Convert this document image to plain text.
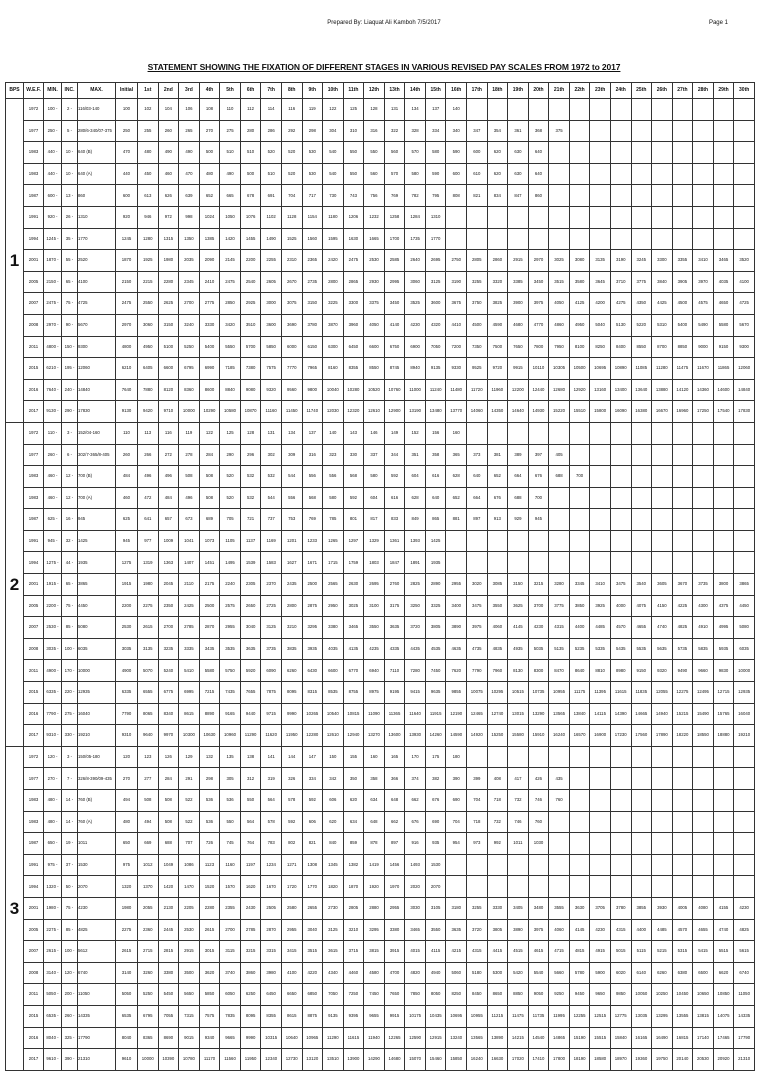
Prepared By: Liaquat Ali Kamboh 7/5/2017	Page 1
STATEMENT SHOWING THE FIXATION OF DIFFERENT STAGES IN VARIOUS REVISED PAY SCALES FROM 1972 to 2017
BPS	W.E.F.	MIN.	INC.	MAX.	Initial	1st	2nd	3rd	4th	5th	6th	7th	8th	9th	10th	11th	12th	13th	14th	15th	16th	17th	18th	19th	20th	21th	22th	23th	24th	25th	26th	27th	28th	29th	30th
1	1972	100 -	2 -	116/03-140	100	102	104	106	108	110	112	114	116	119	122	125	128	131	134	137	140														
	1977	250 -	5 -	280/6-340/07-375	250	255	260	265	270	275	280	286	292	298	304	310	316	322	328	334	340	347	354	361	368	375									
	1983	440 -	10 -	640 (B)	470	480	490	490	500	510	510	520	520	530	540	550	550	560	570	580	590	600	620	630	640										
	1983	440 -	10 -	640 (A)	440	450	460	470	480	490	500	510	520	530	540	550	560	570	580	590	600	610	620	630	640										
	1987	600 -	13 -	860	600	613	626	639	652	665	678	691	704	717	730	743	756	769	782	795	808	821	834	847	860										
	1991	920 -	26 -	1310	920	946	972	998	1024	1050	1076	1102	1128	1154	1180	1206	1232	1258	1284	1310															
	1994	1245 -	35 -	1770	1245	1280	1315	1350	1385	1420	1455	1490	1525	1560	1595	1630	1665	1700	1735	1770															
	2001	1870 -	55 -	2520	1870	1925	1980	2035	2090	2145	2200	2255	2310	2365	2420	2475	2530	2585	2640	2695	2750	2805	2860	2915	2970	3025	3080	3135	3190	3245	3300	3355	3410	3465	3520
	2005	2150 -	65 -	4100	2150	2215	2280	2345	2410	2475	2540	2605	2670	2735	2800	2865	2930	2995	3060	3125	3190	3255	3320	3385	3450	3515	3580	3645	3710	3775	3840	3905	3970	4035	4100
	2007	2475 -	75 -	4725	2475	2550	2625	2700	2775	2850	2925	3000	3075	3150	3225	3300	3375	3450	3525	3600	3675	3750	3825	3900	3975	4050	4125	4200	4275	4350	4425	4500	4575	4650	4725
	2008	2970 -	90 -	5670	2970	3060	3150	3240	3330	3420	3510	3600	3690	3780	3870	3960	4050	4140	4230	4320	4410	4500	4590	4680	4770	4860	4950	5040	5130	5220	5310	5400	5490	5580	5670
	2011	4800 -	150 -	9300	4800	4950	5100	5250	5400	5550	5700	5850	6000	6150	6300	6450	6600	6750	6900	7050	7200	7350	7500	7650	7800	7950	8100	8250	8400	8550	8700	8850	9000	9150	9300
	2015	6210 -	195 -	12060	6210	6405	6600	6795	6990	7185	7380	7575	7770	7965	8160	8355	8550	8745	8940	9135	9330	9525	9720	9915	10110	10305	10500	10695	10890	11085	11280	11475	11670	11865	12060
	2016	7640 -	240 -	14840	7640	7880	8120	8360	8600	8840	9080	9320	9560	9800	10040	10280	10520	10760	11000	11240	11480	11720	11960	12200	12440	12680	12920	13160	13400	13640	13880	14120	14360	14600	14840
	2017	9130 -	290 -	17830	9130	9420	9710	10000	10290	10580	10870	11160	11450	11740	12030	12320	12610	12900	13190	13480	13770	14060	14350	14640	14930	15220	15510	15800	16090	16380	16670	16960	17250	17540	17830
2	1972	110 -	3 -	152/04-160	110	113	116	119	122	125	128	131	134	137	140	143	146	149	152	156	160														
	1977	260 -	6 -	302/7-365/8-405	260	266	272	278	284	290	296	302	309	316	323	330	337	344	351	358	365	373	381	389	397	405									
	1983	460 -	12 -	700 (B)	484	496	496	508	508	520	532	532	544	556	556	568	580	592	604	616	628	640	652	664	676	688	700								
	1983	460 -	12 -	700 (A)	460	472	484	496	508	520	532	544	556	568	580	592	604	616	628	640	652	664	676	688	700										
	1987	625 -	16 -	945	625	641	657	673	689	705	721	737	753	769	785	801	817	833	849	865	881	897	913	929	945										
	1991	945 -	32 -	1425	945	977	1009	1041	1073	1105	1137	1169	1201	1233	1265	1297	1329	1361	1393	1425															
	1994	1275 -	44 -	1935	1275	1319	1363	1407	1451	1495	1539	1583	1627	1671	1715	1759	1803	1847	1891	1935															
	2001	1915 -	65 -	3865	1915	1980	2045	2110	2175	2240	2305	2370	2435	2500	2565	2630	2695	2760	2825	2890	2955	3020	3085	3150	3215	3280	3345	3410	3475	3540	3605	3670	3735	3800	3865
	2005	2200 -	75 -	4450	2200	2275	2350	2425	2500	2575	2650	2725	2800	2875	2950	3025	3100	3175	3250	3325	3400	3475	3550	3625	3700	3775	3850	3925	4000	4075	4150	4225	4300	4375	4450
	2007	2530 -	85 -	5080	2530	2615	2700	2785	2870	2955	3040	3125	3210	3295	3380	3465	3550	3635	3720	3805	3890	3975	4060	4145	4230	4315	4400	4485	4570	4655	4740	4825	4910	4995	5080
	2008	3035 -	100 -	6035	3035	3135	3235	3335	3435	3535	3635	3735	3835	3935	4035	4135	4235	4335	4435	4535	4635	4735	4835	4935	5035	5135	5235	5335	5435	5535	5635	5735	5835	5935	6035
	2011	4900 -	170 -	10000	4900	5070	5240	5410	5580	5750	5920	6090	6260	6430	6600	6770	6940	7110	7280	7450	7620	7790	7960	8130	8300	8470	8640	8810	8980	9150	9320	9490	9660	9830	10000
	2015	6335 -	220 -	12935	6335	6555	6775	6995	7215	7435	7655	7875	8095	8315	8535	8755	8975	9195	9415	9635	9855	10075	10295	10515	10735	10955	11175	11395	11615	11835	12055	12275	12495	12715	12935
	2016	7790 -	275 -	16040	7790	8065	8340	8615	8890	9165	9440	9715	9990	10265	10540	10815	11090	11365	11640	11915	12190	12465	12740	13015	13290	13565	13840	14115	14390	14665	14940	15215	15490	15765	16040
	2017	9310 -	330 -	19210	9310	9640	9970	10300	10630	10960	11290	11620	11950	12280	12610	12940	13270	13600	13930	14260	14590	14920	15250	15580	15910	16240	16570	16900	17230	17560	17890	18220	18550	18880	19210
3	1972	120 -	3 -	150/05-180	120	123	126	129	132	135	138	141	144	147	150	155	160	165	170	175	180														
	1977	270 -	7 -	326/8-390/09-435	270	277	284	291	298	305	312	319	326	334	342	350	358	366	374	382	390	399	408	417	426	435									
	1983	480 -	14 -	760 (B)	494	508	508	522	536	536	550	564	578	592	606	620	634	648	662	676	690	704	718	732	746	760									
	1983	480 -	14 -	760 (A)	480	494	508	522	536	550	564	578	592	606	620	634	648	662	676	690	704	718	732	746	760										
	1987	650 -	19 -	1011	650	669	688	707	726	745	764	783	802	821	840	859	878	897	916	935	954	973	992	1011	1030										
	1991	975 -	37 -	1530	975	1012	1049	1086	1123	1160	1197	1234	1271	1308	1345	1382	1419	1456	1493	1530															
	1994	1320 -	50 -	2070	1320	1370	1420	1470	1520	1570	1620	1670	1720	1770	1820	1870	1920	1970	2020	2070															
	2001	1980 -	75 -	4230	1980	2055	2130	2205	2280	2355	2430	2505	2580	2655	2730	2805	2880	2955	3030	3105	3180	3255	3330	3405	3480	3555	3630	3705	3780	3855	3930	4005	4080	4155	4230
	2005	2275 -	85 -	4825	2275	2360	2445	2530	2615	2700	2785	2870	2955	3040	3125	3210	3295	3380	3465	3550	3635	3720	3805	3890	3975	4060	4145	4230	4315	4400	4485	4570	4655	4740	4825
	2007	2615 -	100 -	5612	2615	2715	2815	2915	3015	3115	3215	3315	3415	3515	3615	3715	3815	3915	4015	4115	4215	4315	4415	4515	4615	4715	4815	4915	5015	5115	5215	5315	5415	5515	5615
	2008	3140 -	120 -	6740	3140	3260	3380	3500	3620	3740	3860	3980	4100	4220	4340	4460	4580	4700	4820	4940	5060	5180	5300	5420	5540	5660	5780	5900	6020	6140	6260	6380	6500	6620	6740
	2011	5050 -	200 -	11050	5050	5250	5450	5650	5850	6050	6250	6450	6650	6850	7050	7250	7450	7650	7850	8050	8250	8450	8650	8850	9050	9250	9450	9650	9850	10050	10250	10450	10650	10850	11050
	2015	6535 -	260 -	14335	6535	6795	7055	7315	7575	7835	8095	8355	8615	8875	9135	9395	9655	9915	10175	10435	10695	10955	11215	11475	11735	11995	12255	12515	12775	13035	13295	13555	13815	14075	14335
	2016	8040 -	325 -	17790	8040	8365	8690	9015	9340	9665	9990	10315	10640	10965	11290	11615	11940	12265	12590	12915	13240	13565	13890	14215	14540	14865	15190	15515	15840	16165	16490	16815	17140	17465	17790
	2017	9610 -	390 -	21310	9610	10000	10390	10780	11170	11560	11950	12340	12730	13120	13510	13900	14290	14680	15070	15460	15850	16240	16630	17020	17410	17800	18190	18580	18970	19360	19750	20140	20530	20920	21310
